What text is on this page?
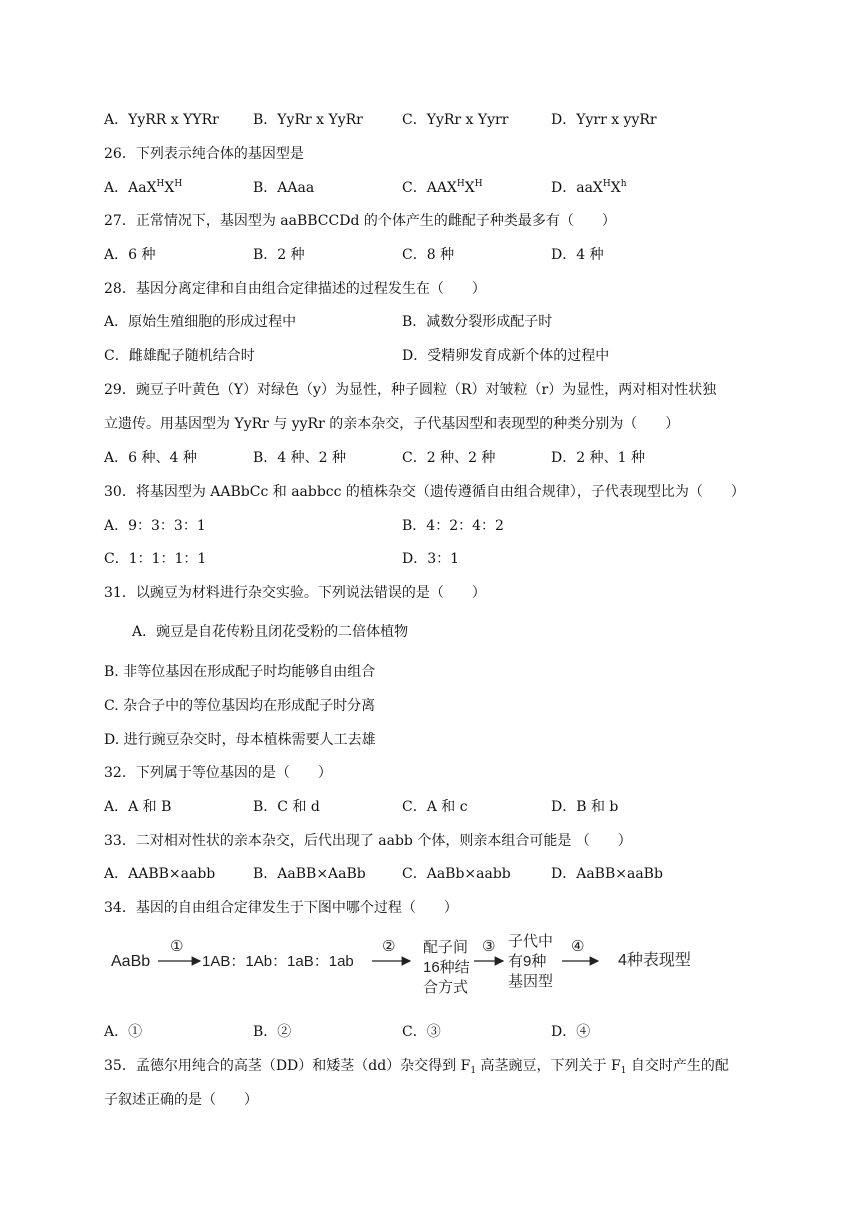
A．YyRR x YYRr B．YyRr x YyRr	C．YyRr x Yyrr	D．Yyrr x yyRr
26．下列表示纯合体的基因型是
A．$AaX^HX^H$	B．AAaa	C．$AAX^HX^H$	D．$aaX^HX^h$
27．正常情况下，基因型为 aaBBCCDd 的个体产生的雌配子种类最多有（　　）
A．6 种	B．2 种	C．8 种	D．4 种
28．基因分离定律和自由组合定律描述的过程发生在（　　）
A．原始生殖细胞的形成过程中	B．减数分裂形成配子时
C．雌雄配子随机结合时	D．受精卵发育成新个体的过程中
29．豌豆子叶黄色（Y）对绿色（y）为显性，种子圆粒（R）对皱粒（r）为显性，两对相对性状独
立遗传。用基因型为 YyRr 与 yyRr 的亲本杂交，子代基因型和表现型的种类分别为（　　）
A．6 种、4 种	B．4 种、2 种	C．2 种、2 种	D．2 种、1 种
30．将基因型为 AABbCc 和 aabbcc 的植株杂交（遗传遵循自由组合规律），子代表现型比为（　　）
A．9：3：3：1	B．4：2：4：2
C．1：1：1：1	D．3：1
31．以豌豆为材料进行杂交实验。下列说法错误的是（　　）
A．豌豆是自花传粉且闭花受粉的二倍体植物
B. 非等位基因在形成配子时均能够自由组合
C. 杂合子中的等位基因均在形成配子时分离
D. 进行豌豆杂交时，母本植株需要人工去雄
32．下列属于等位基因的是（　　）
A．A 和 B	B．C 和 d	C．A 和 c	D．B 和 b
33．二对相对性状的亲本杂交，后代出现了 aabb 个体，则亲本组合可能是 （　　）
A．AABB×aabb	B．AaBB×AaBb	C．AaBb×aabb	D．AaBB×aaBb
34．基因的自由组合定律发生于下图中哪个过程（　　）
AaBb
①
1AB：1Ab：1aB：1ab
② 配子间
16种结
合方式
③ 子代中
有9种
基因型
④
4种表现型
A．①	B．②	C．③	D．④
35．孟德尔用纯合的高茎（DD）和矮茎（dd）杂交得到 $F_1$ 高茎豌豆，下列关于 $F_1$ 自交时产生的配
子叙述正确的是（　　）
